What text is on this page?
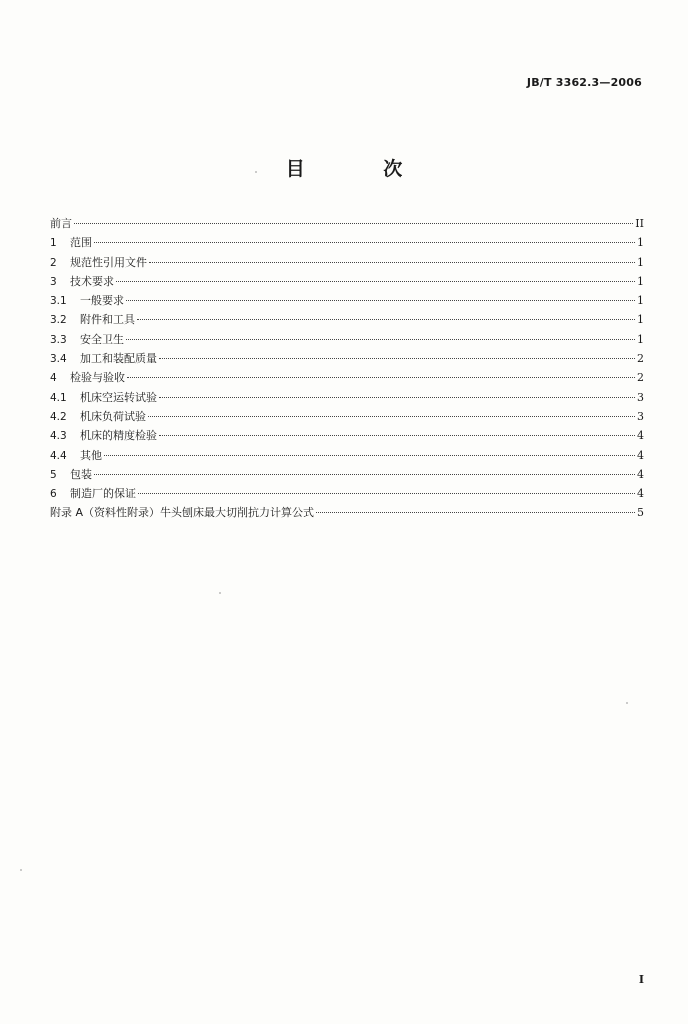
JB/T 3362.3—2006
目 次
前言	II
1	范围	1
2	规范性引用文件	1
3	技术要求	1
3.1	一般要求	1
3.2	附件和工具	1
3.3	安全卫生	1
3.4	加工和装配质量	2
4	检验与验收	2
4.1	机床空运转试验	3
4.2	机床负荷试验	3
4.3	机床的精度检验	4
4.4	其他	4
5	包装	4
6	制造厂的保证	4
附录 A（资料性附录）牛头刨床最大切削抗力计算公式	5
I
